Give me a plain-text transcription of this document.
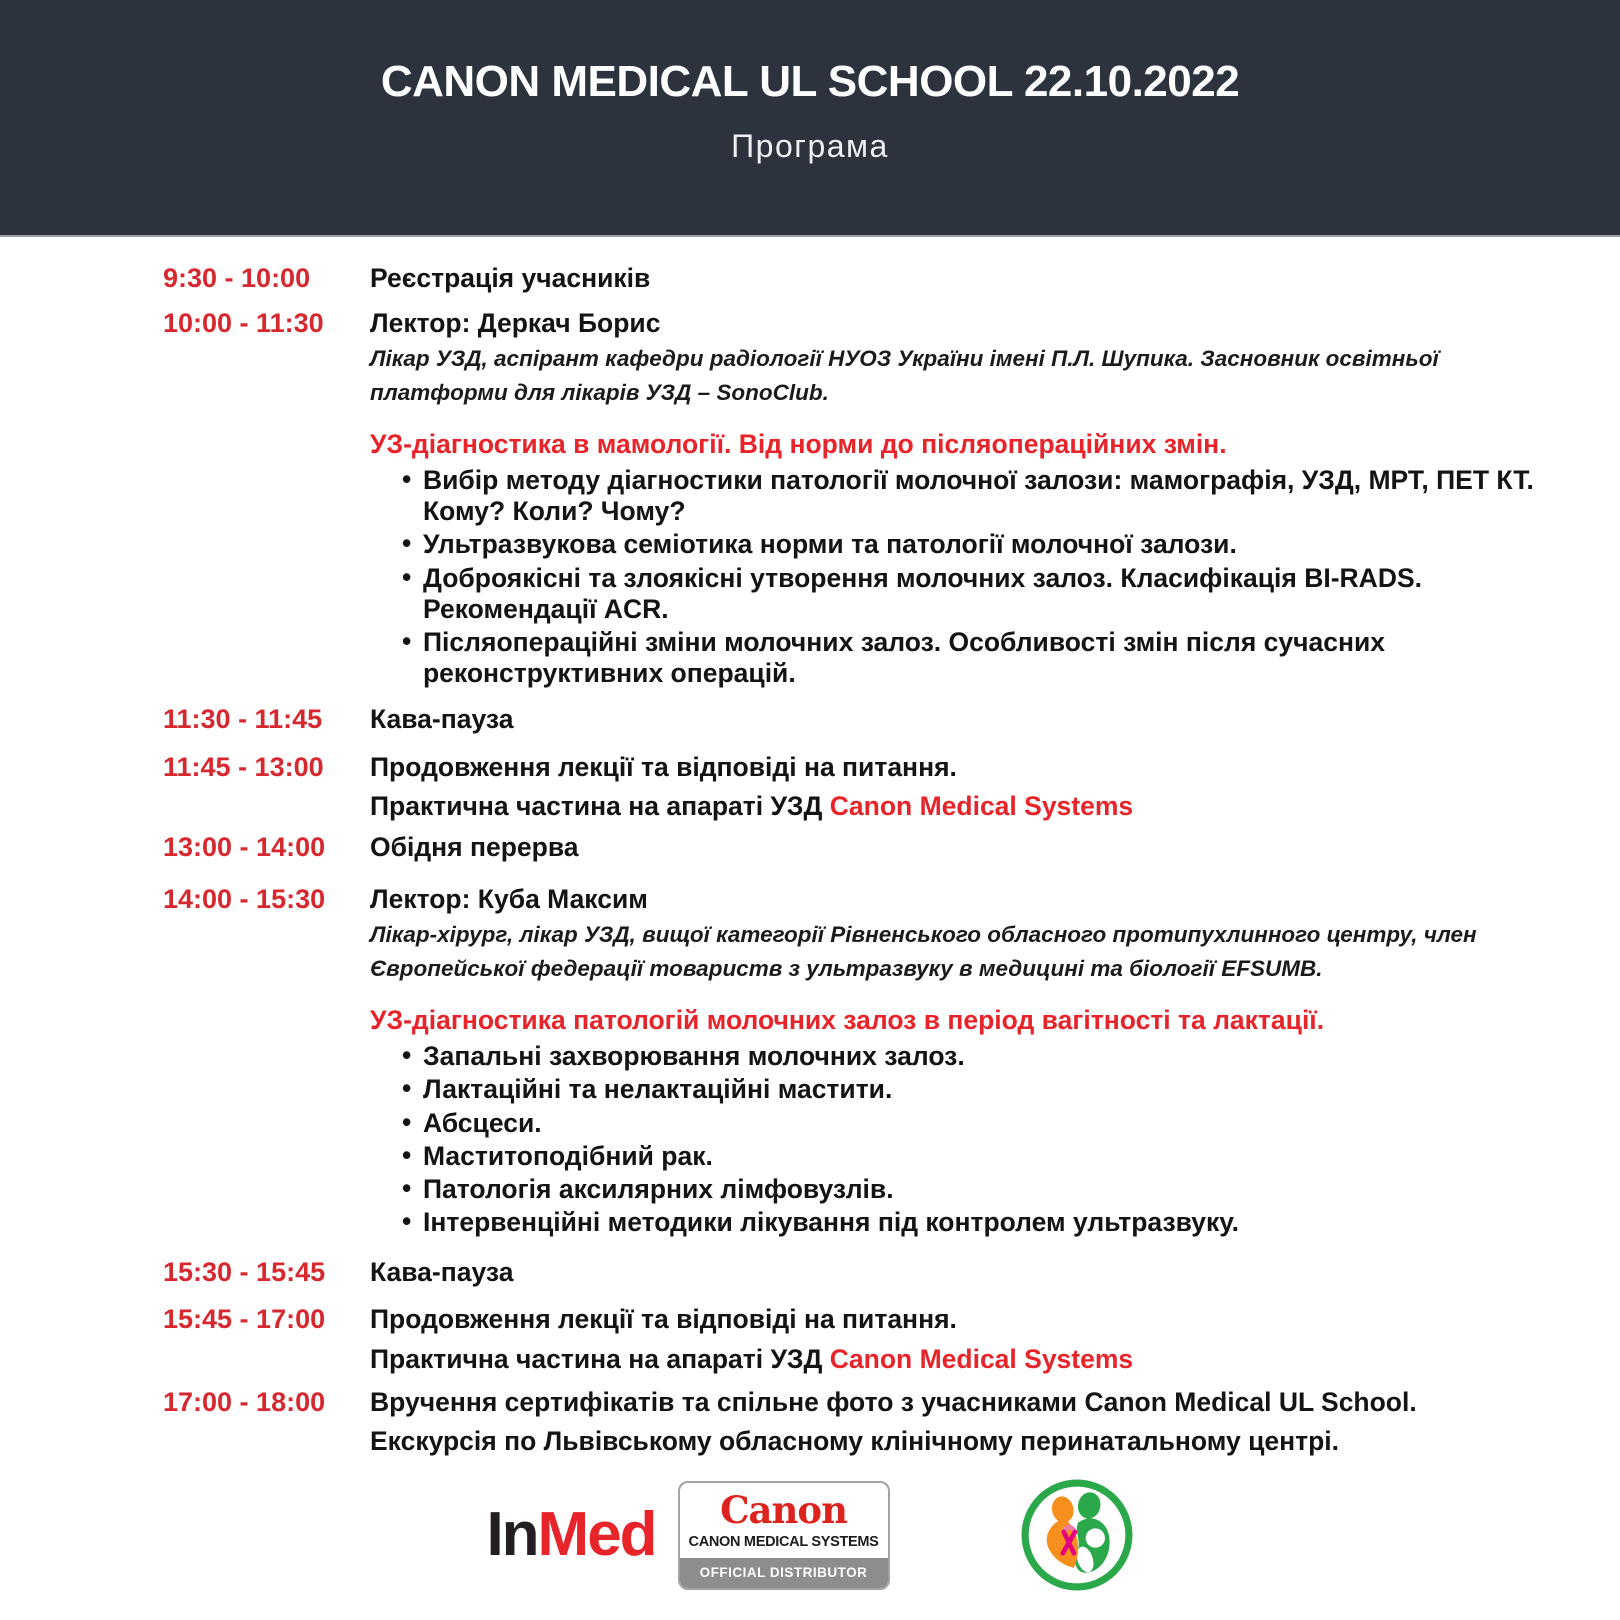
CANON MEDICAL UL SCHOOL 22.10.2022
Програма
9:30 - 10:00	Реєстрація учасників

10:00 - 11:30	Лектор: Деркач Борис

Лікар УЗД, аспірант кафедри радіології НУОЗ України імені П.Л. Шупика. Засновник освітньої платформи для лікарів УЗД – SonoClub.

УЗ-діагностика в мамології. Від норми до післяопераційних змін.

• Вибір методу діагностики патології молочної залози: мамографія, УЗД, МРТ, ПЕТ КТ. Кому? Коли? Чому?
• Ультразвукова семіотика норми та патології молочної залози.
• Доброякісні та злоякісні утворення молочних залоз. Класифікація BI-RADS. Рекомендації ACR.
• Післяопераційні зміни молочних залоз. Особливості змін після сучасних реконструктивних операцій.
11:30 - 11:45	Кава-пауза

11:45 - 13:00	Продовження лекції та відповіді на питання.

Практична частина на апараті УЗД Canon Medical Systems

13:00 - 14:00	Обідня перерва

14:00 - 15:30	Лектор: Куба Максим

Лікар-хірург, лікар УЗД, вищої категорії Рівненського обласного протипухлинного центру, член Європейської федерації товариств з ультразвуку в медицині та біології EFSUMB.

УЗ-діагностика патологій молочних залоз в період вагітності та лактації.

• Запальні захворювання молочних залоз.
• Лактаційні та нелактаційні мастити.
• Абсцеси.
• Маститоподібний рак.
• Патологія аксилярних лімфовузлів.
• Інтервенційні методики лікування під контролем ультразвуку.
15:30 - 15:45	Кава-пауза

15:45 - 17:00	Продовження лекції та відповіді на питання.

Практична частина на апараті УЗД Canon Medical Systems

17:00 - 18:00	Вручення сертифікатів та спільне фото з учасниками Canon Medical UL School.

Екскурсія по Львівському обласному клінічному перинатальному центрі.

InMed	Canon
CANON MEDICAL SYSTEMS
OFFICIAL DISTRIBUTOR
